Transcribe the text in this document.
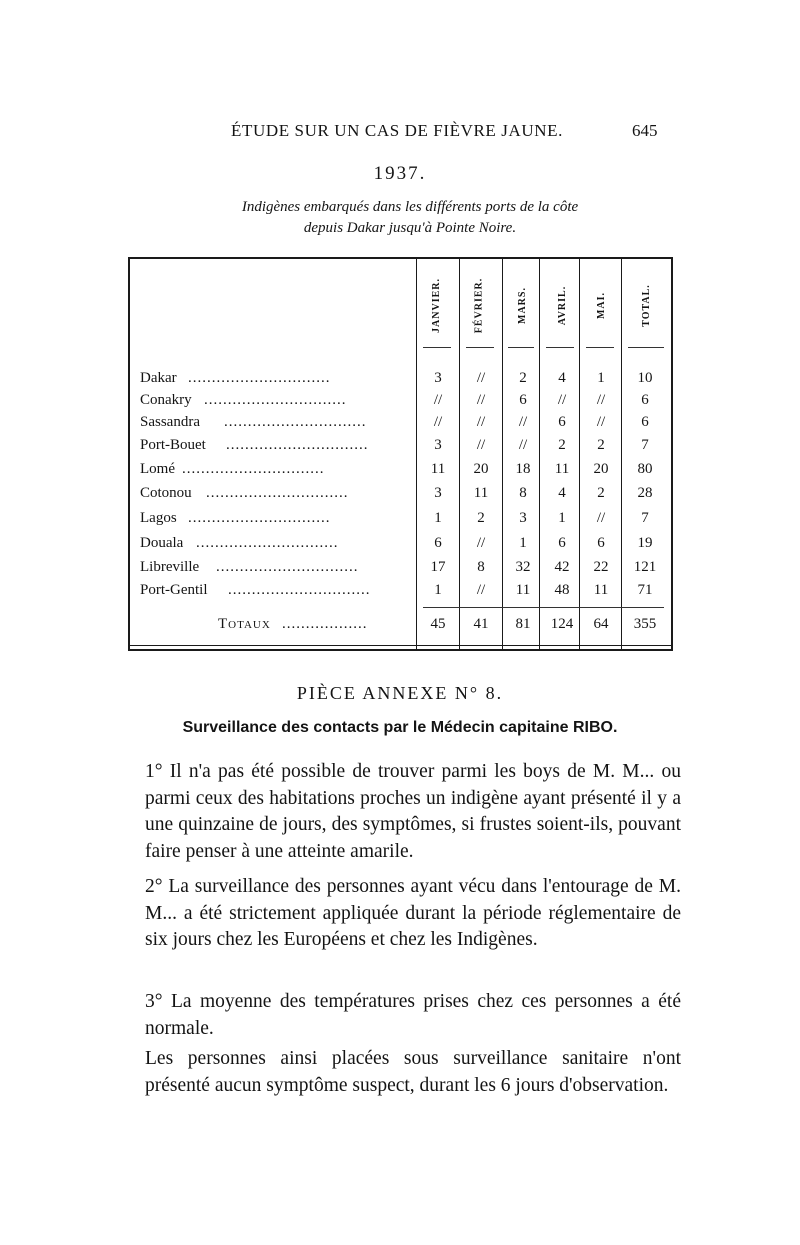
ÉTUDE SUR UN CAS DE FIÈVRE JAUNE.	645
1937.
Indigènes embarqués dans les différents ports de la côte
depuis Dakar jusqu'à Pointe Noire.
JANVIER.	FÉVRIER.	MARS.	AVRIL.	MAI.	TOTAL.
Dakar ..............................	3	//	2	4	1	10
Conakry ..............................	//	//	6	//	//	6
Sassandra ..............................	//	//	//	6	//	6
Port-Bouet ..............................	3	//	//	2	2	7
Lomé ..............................	11	20	18	11	20	80
Cotonou ..............................	3	11	8	4	2	28
Lagos ..............................	1	2	3	1	//	7
Douala ..............................	6	//	1	6	6	19
Libreville ..............................	17	8	32	42	22	121
Port-Gentil ..............................	1	//	11	48	11	71
Totaux ..................	45	41	81	124	64	355
PIÈCE ANNEXE N° 8.
Surveillance des contacts par le Médecin capitaine RIBO.

1° Il n'a pas été possible de trouver parmi les boys de M. M... ou parmi ceux des habitations proches un indigène ayant présenté il y a une quinzaine de jours, des symptômes, si frustes soient-ils, pouvant faire penser à une atteinte amarile.

2° La surveillance des personnes ayant vécu dans l'entourage de M. M... a été strictement appliquée durant la période réglementaire de six jours chez les Européens et chez les Indigènes.

3° La moyenne des températures prises chez ces personnes a été normale.

Les personnes ainsi placées sous surveillance sanitaire n'ont présenté aucun symptôme suspect, durant les 6 jours d'observation.
